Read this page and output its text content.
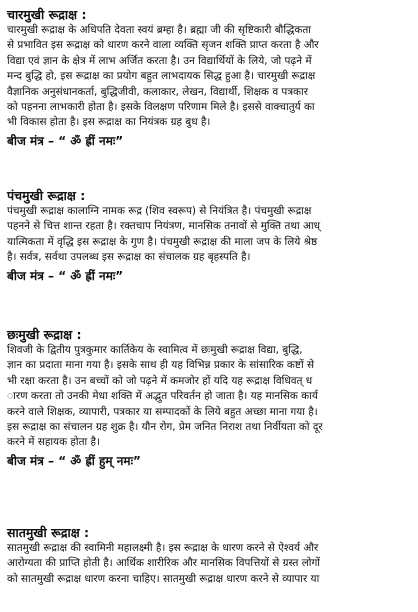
चारमुखी रूद्राक्ष :
चारमुखी रूद्राक्ष के अधिपति देवता स्वयं ब्रम्हा है। ब्रह्मा जी की सृष्टिकारी बौद्धिकता
से प्रभावित इस रूद्राक्ष को धारण करने वाला व्यक्ति सृजन शक्ति प्राप्त करता है और
विद्या एवं ज्ञान के क्षेत्र में लाभ अर्जित करता है। उन विद्यार्थियों के लिये, जो पढ़ने में
मन्द बुद्धि हो, इस रूद्राक्ष का प्रयोग बहुत लाभदायक सिद्ध हुआ है। चारमुखी रूद्राक्ष
वैज्ञानिक अनुसंधानकर्ता, बुद्धिजीवी, कलाकार, लेखन, विद्यार्थी, शिक्षक व पत्रकार
को पहनना लाभकारी होता है। इसके विलक्षण परिणाम मिले है। इससे वाक्चातुर्य का
भी विकास होता है। इस रूद्राक्ष का नियंत्रक ग्रह बुध है।
बीज मंत्र – “ ॐ ह्रीं नमः”
पंचमुखी रूद्राक्ष :
पंचमुखी रूद्राक्ष कालाग्नि नामक रूद्र (शिव स्वरूप) से नियंत्रित है। पंचमुखी रूद्राक्ष
पहनने से चित्त शान्त रहता है। रक्तचाप नियंत्रण, मानसिक तनावों से मुक्ति तथा आध्
यात्मिकता में वृद्धि इस रूद्राक्ष के गुण है। पंचमुखी रूद्राक्ष की माला जप के लिये श्रेष्ठ
है। सर्वत्र, सर्वथा उपलब्ध इस रूद्राक्ष का संचालक ग्रह बृहस्पति है।
बीज मंत्र – “ ॐ ह्रीं नमः”
छःमुखी रूद्राक्ष :
शिवजी के द्वितीय पुत्रकुमार कार्तिकेय के स्वामित्व में छःमुखी रूद्राक्ष विद्या, बुद्धि,
ज्ञान का प्रदाता माना गया है। इसके साथ ही यह विभिन्न प्रकार के सांसारिक कष्टों से
भी रक्षा करता है। उन बच्चों को जो पढ़ने में कमजोर हों यदि यह रूद्राक्ष विधिवत् ध
ारण करता तो उनकी मेधा शक्ति में अद्भुत परिवर्तन हो जाता है। यह मानसिक कार्य
करने वाले शिक्षक, व्यापारी, पत्रकार या सम्पादकों के लिये बहुत अच्छा माना गया है।
इस रूद्राक्ष का संचालन ग्रह शुक्र है। यौन रोग, प्रेम जनित निराश तथा निर्वीयता को दूर
करने में सहायक होता है।
बीज मंत्र – “ ॐ ह्रीं हुम् नमः”
सातमुखी रूद्राक्ष :
सातमुखी रूद्राक्ष की स्वामिनी महालक्ष्मी है। इस रूद्राक्ष के धारण करने से ऐश्वर्य और
आरोग्यता की प्राप्ति होती है। आर्थिक शारीरिक और मानसिक विपत्तियों से ग्रस्त लोगों
को सातमुखी रूद्राक्ष धारण करना चाहिए। सातमुखी रूद्राक्ष धारण करने से व्यापार या
